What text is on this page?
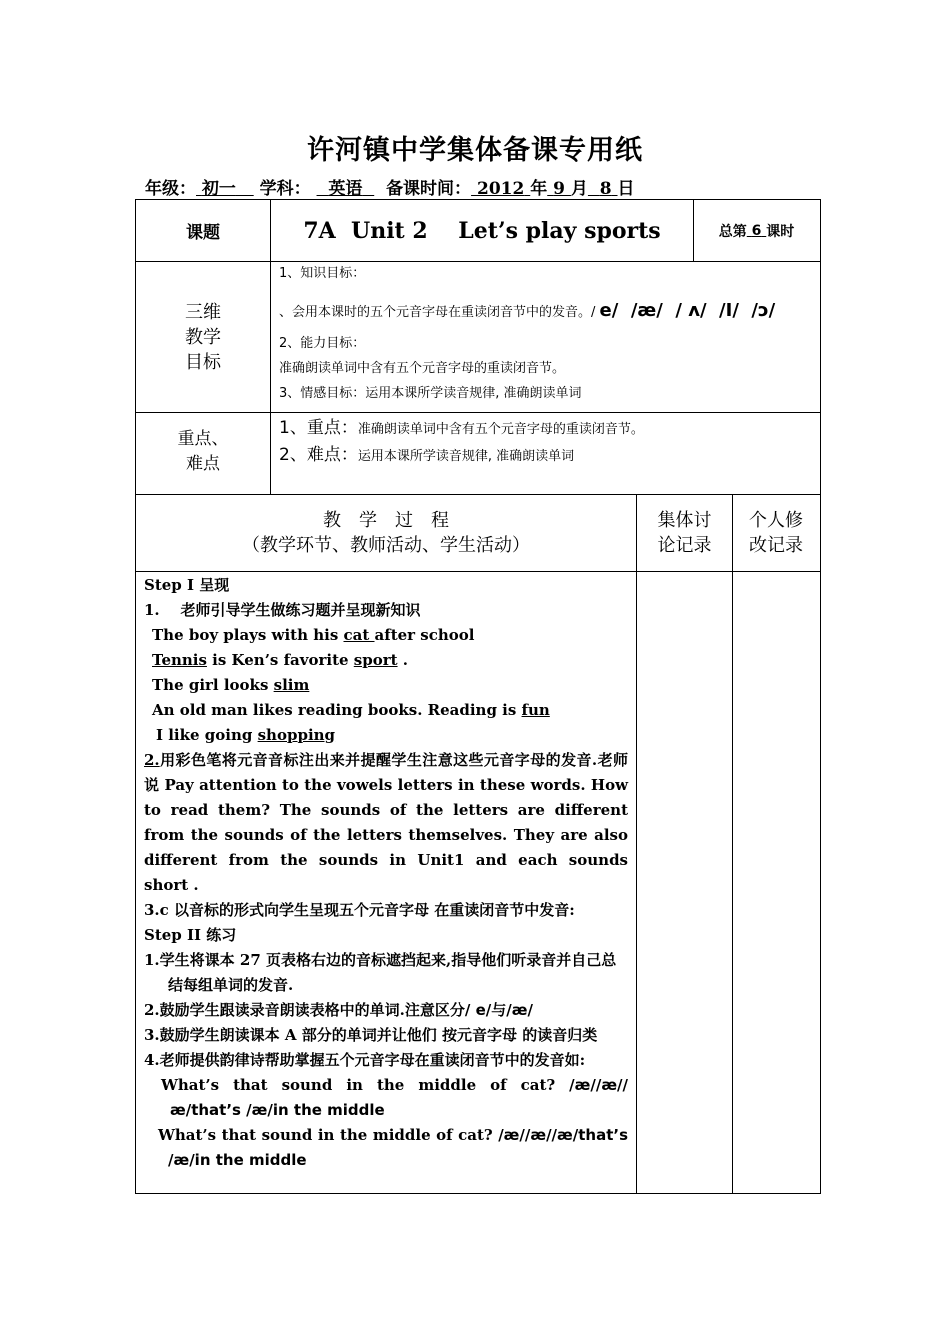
许河镇中学集体备课专用纸
年级： 初一 学科： 英语 备课时间： 2012 年 9 月 8 日
课题	7A  Unit 2    Let’s play sports	总第 6 课时
三维
教学
目标
1、知识目标：
、会用本课时的五个元音字母在重读闭音节中的发音。/ e/  /æ/  / ʌ/  /I/  /ɔ/
2、能力目标：
准确朗读单词中含有五个元音字母的重读闭音节。
3、情感目标：运用本课所学读音规律, 准确朗读单词
重点、
难点
1、重点：准确朗读单词中含有五个元音字母的重读闭音节。
2、难点：运用本课所学读音规律, 准确朗读单词
教　学　过　程
（教学环节、教师活动、学生活动）
集体讨
论记录
个人修
改记录

Step I 呈现

1.    老师引导学生做练习题并呈现新知识

The boy plays with his cat after school

Tennis is Ken’s favorite sport .

The girl looks slim

An old man likes reading books. Reading is fun

I like going shopping

2.用彩色笔将元音音标注出来并提醒学生注意这些元音字母的发音.老师说 Pay attention to the vowels letters in these words. How to read them? The sounds of the letters are different from the sounds of the letters themselves. They are also different from the sounds in Unit1 and each sounds short .

3.c 以音标的形式向学生呈现五个元音字母 在重读闭音节中发音:

Step II 练习

1.学生将课本 27 页表格右边的音标遮挡起来,指导他们听录音并自己总结每组单词的发音.

2.鼓励学生跟读录音朗读表格中的单词.注意区分/ e/与/æ/

3.鼓励学生朗读课本 A 部分的单词并让他们 按元音字母 的读音归类

4.老师提供韵律诗帮助掌握五个元音字母在重读闭音节中的发音如:

What’s that sound in the middle of cat? /æ//æ//æ/that’s /æ/in the middle

What’s that sound in the middle of cat? /æ//æ//æ/that’s /æ/in the middle
